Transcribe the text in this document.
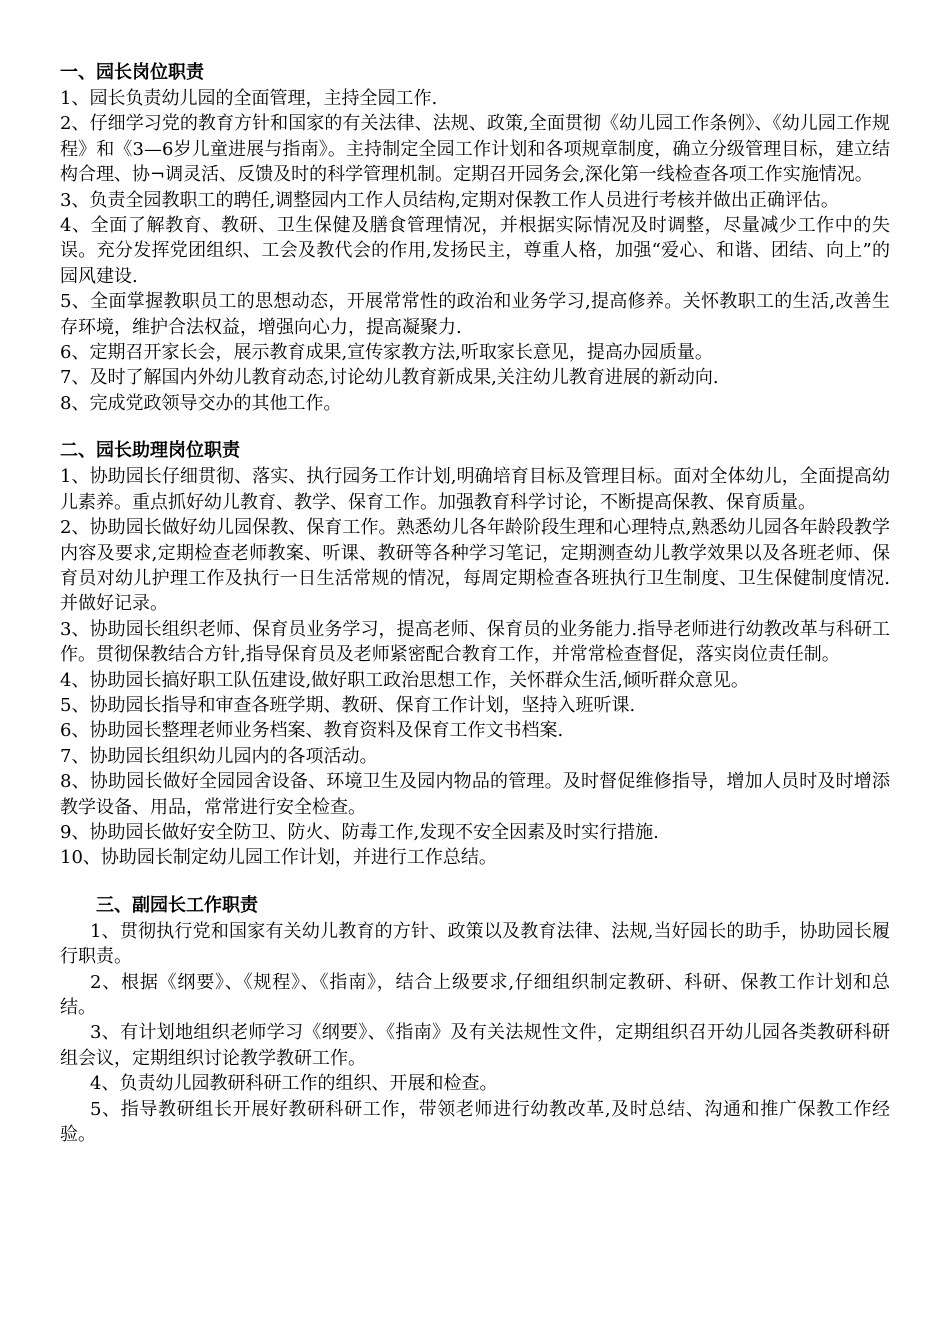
一、园长岗位职责

1、园长负责幼儿园的全面管理，主持全园工作.

2、仔细学习党的教育方针和国家的有关法律、法规、政策,全面贯彻《幼儿园工作条例》、《幼儿园工作规程》和《3—6岁儿童进展与指南》。主持制定全园工作计划和各项规章制度，确立分级管理目标，建立结构合理、协¬调灵活、反馈及时的科学管理机制。定期召开园务会,深化第一线检查各项工作实施情况。

3、负责全园教职工的聘任,调整园内工作人员结构,定期对保教工作人员进行考核并做出正确评估。

4、全面了解教育、教研、卫生保健及膳食管理情况，并根据实际情况及时调整，尽量减少工作中的失误。充分发挥党团组织、工会及教代会的作用,发扬民主，尊重人格，加强“爱心、和谐、团结、向上”的园风建设.

5、全面掌握教职员工的思想动态，开展常常性的政治和业务学习,提高修养。关怀教职工的生活,改善生存环境，维护合法权益，增强向心力，提高凝聚力.

6、定期召开家长会，展示教育成果,宣传家教方法,听取家长意见，提高办园质量。

7、及时了解国内外幼儿教育动态,讨论幼儿教育新成果,关注幼儿教育进展的新动向.

8、完成党政领导交办的其他工作。

二、园长助理岗位职责

1、协助园长仔细贯彻、落实、执行园务工作计划,明确培育目标及管理目标。面对全体幼儿，全面提高幼儿素养。重点抓好幼儿教育、教学、保育工作。加强教育科学讨论，不断提高保教、保育质量。

2、协助园长做好幼儿园保教、保育工作。熟悉幼儿各年龄阶段生理和心理特点,熟悉幼儿园各年龄段教学内容及要求,定期检查老师教案、听课、教研等各种学习笔记，定期测查幼儿教学效果以及各班老师、保育员对幼儿护理工作及执行一日生活常规的情况，每周定期检查各班执行卫生制度、卫生保健制度情况.并做好记录。

3、协助园长组织老师、保育员业务学习，提高老师、保育员的业务能力.指导老师进行幼教改革与科研工作。贯彻保教结合方针,指导保育员及老师紧密配合教育工作，并常常检查督促，落实岗位责任制。

4、协助园长搞好职工队伍建设,做好职工政治思想工作，关怀群众生活,倾听群众意见。

5、协助园长指导和审查各班学期、教研、保育工作计划，坚持入班听课.

6、协助园长整理老师业务档案、教育资料及保育工作文书档案.

7、协助园长组织幼儿园内的各项活动。

8、协助园长做好全园园舍设备、环境卫生及园内物品的管理。及时督促维修指导，增加人员时及时增添教学设备、用品，常常进行安全检查。

9、协助园长做好安全防卫、防火、防毒工作,发现不安全因素及时实行措施.

10、协助园长制定幼儿园工作计划，并进行工作总结。

三、副园长工作职责

1、贯彻执行党和国家有关幼儿教育的方针、政策以及教育法律、法规,当好园长的助手，协助园长履行职责。

2、根据《纲要》、《规程》、《指南》，结合上级要求,仔细组织制定教研、科研、保教工作计划和总结。

3、有计划地组织老师学习《纲要》、《指南》及有关法规性文件，定期组织召开幼儿园各类教研科研组会议，定期组织讨论教学教研工作。

4、负责幼儿园教研科研工作的组织、开展和检查。

5、指导教研组长开展好教研科研工作，带领老师进行幼教改革,及时总结、沟通和推广保教工作经验。
